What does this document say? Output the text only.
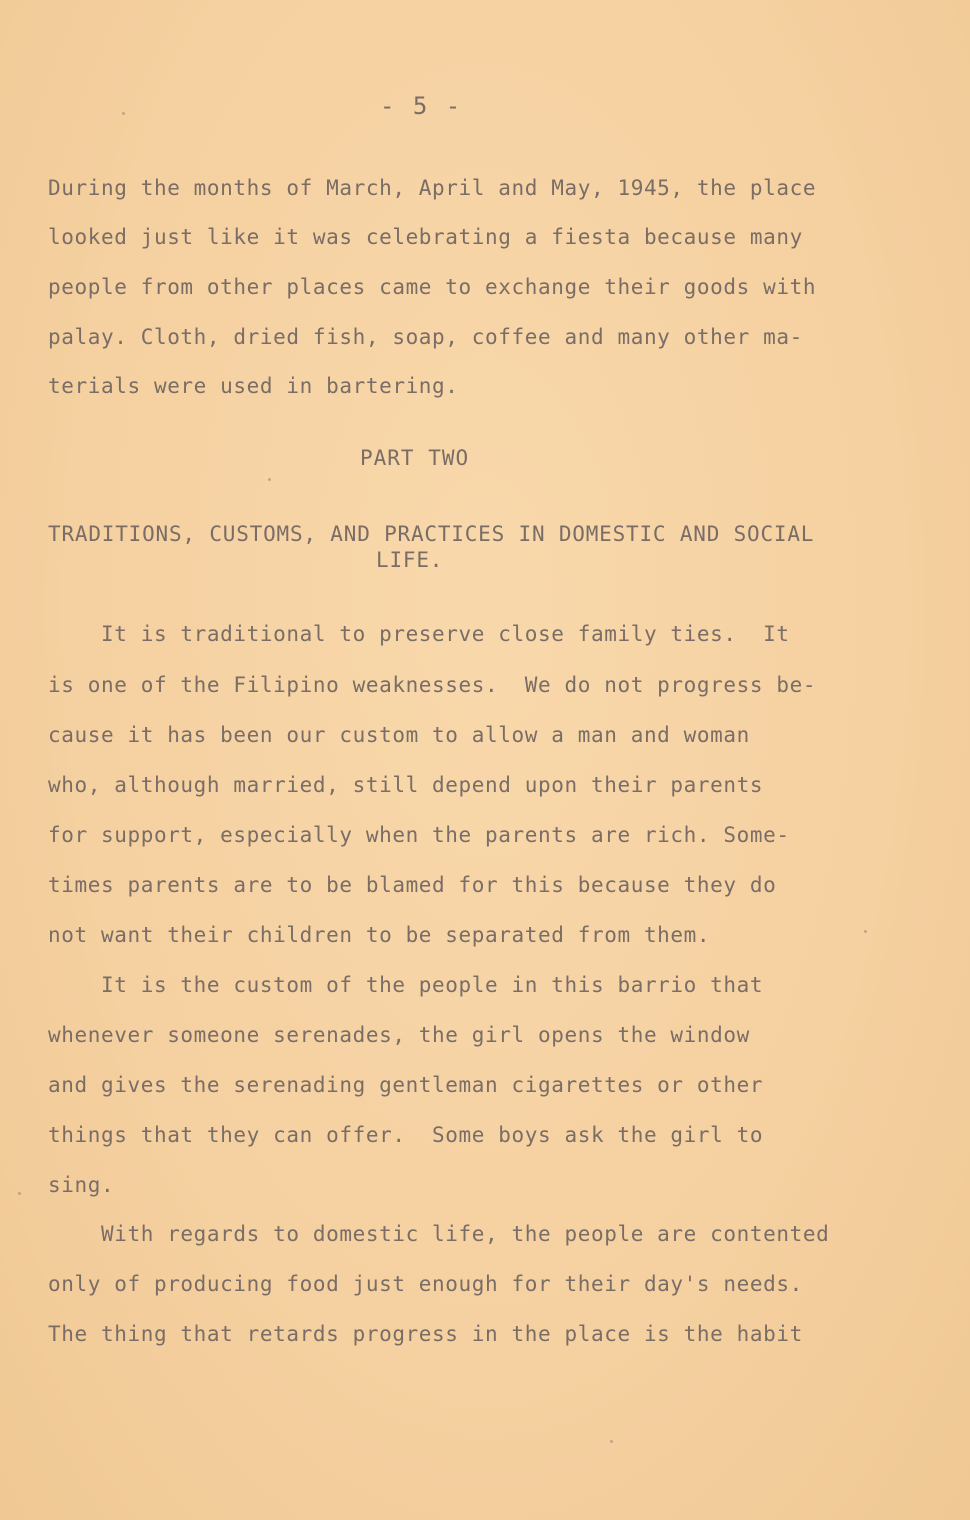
- 5 -
During the months of March, April and May, 1945, the place
looked just like it was celebrating a fiesta because many
people from other places came to exchange their goods with
palay. Cloth, dried fish, soap, coffee and many other ma-
terials were used in bartering.
PART TWO
TRADITIONS, CUSTOMS, AND PRACTICES IN DOMESTIC AND SOCIAL
LIFE.
It is traditional to preserve close family ties.  It
is one of the Filipino weaknesses.  We do not progress be-
cause it has been our custom to allow a man and woman
who, although married, still depend upon their parents
for support, especially when the parents are rich. Some-
times parents are to be blamed for this because they do
not want their children to be separated from them.
It is the custom of the people in this barrio that
whenever someone serenades, the girl opens the window
and gives the serenading gentleman cigarettes or other
things that they can offer.  Some boys ask the girl to
sing.
With regards to domestic life, the people are contented
only of producing food just enough for their day's needs.
The thing that retards progress in the place is the habit
